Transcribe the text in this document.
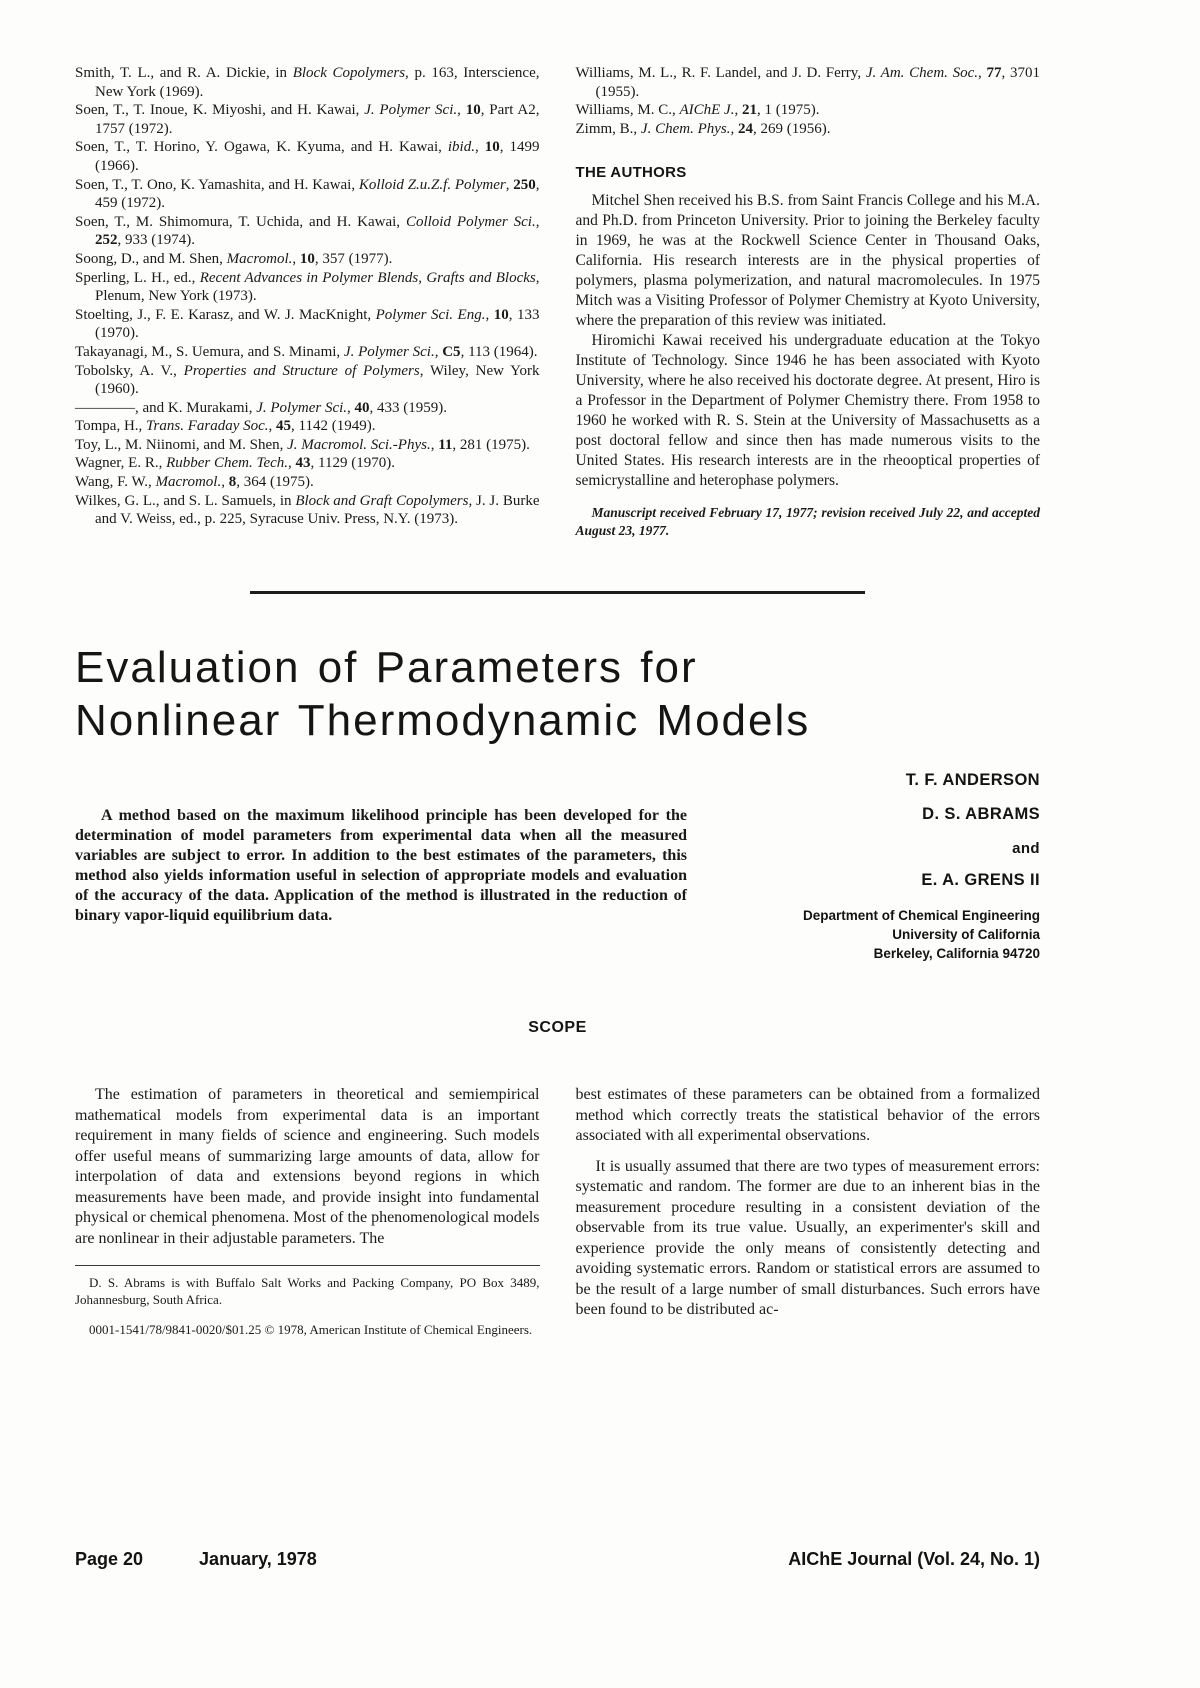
Smith, T. L., and R. A. Dickie, in Block Copolymers, p. 163, Interscience, New York (1969).

Soen, T., T. Inoue, K. Miyoshi, and H. Kawai, J. Polymer Sci., 10, Part A2, 1757 (1972).

Soen, T., T. Horino, Y. Ogawa, K. Kyuma, and H. Kawai, ibid., 10, 1499 (1966).

Soen, T., T. Ono, K. Yamashita, and H. Kawai, Kolloid Z.u.Z.f. Polymer, 250, 459 (1972).

Soen, T., M. Shimomura, T. Uchida, and H. Kawai, Colloid Polymer Sci., 252, 933 (1974).

Soong, D., and M. Shen, Macromol., 10, 357 (1977).

Sperling, L. H., ed., Recent Advances in Polymer Blends, Grafts and Blocks, Plenum, New York (1973).

Stoelting, J., F. E. Karasz, and W. J. MacKnight, Polymer Sci. Eng., 10, 133 (1970).

Takayanagi, M., S. Uemura, and S. Minami, J. Polymer Sci., C5, 113 (1964).

Tobolsky, A. V., Properties and Structure of Polymers, Wiley, New York (1960).

————, and K. Murakami, J. Polymer Sci., 40, 433 (1959).

Tompa, H., Trans. Faraday Soc., 45, 1142 (1949).

Toy, L., M. Niinomi, and M. Shen, J. Macromol. Sci.-Phys., 11, 281 (1975).

Wagner, E. R., Rubber Chem. Tech., 43, 1129 (1970).

Wang, F. W., Macromol., 8, 364 (1975).

Wilkes, G. L., and S. L. Samuels, in Block and Graft Copolymers, J. J. Burke and V. Weiss, ed., p. 225, Syracuse Univ. Press, N.Y. (1973).

Williams, M. L., R. F. Landel, and J. D. Ferry, J. Am. Chem. Soc., 77, 3701 (1955).

Williams, M. C., AIChE J., 21, 1 (1975).

Zimm, B., J. Chem. Phys., 24, 269 (1956).

THE AUTHORS

Mitchel Shen received his B.S. from Saint Francis College and his M.A. and Ph.D. from Princeton University. Prior to joining the Berkeley faculty in 1969, he was at the Rockwell Science Center in Thousand Oaks, California. His research interests are in the physical properties of polymers, plasma polymerization, and natural macromolecules. In 1975 Mitch was a Visiting Professor of Polymer Chemistry at Kyoto University, where the preparation of this review was initiated.

Hiromichi Kawai received his undergraduate education at the Tokyo Institute of Technology. Since 1946 he has been associated with Kyoto University, where he also received his doctorate degree. At present, Hiro is a Professor in the Department of Polymer Chemistry there. From 1958 to 1960 he worked with R. S. Stein at the University of Massachusetts as a post doctoral fellow and since then has made numerous visits to the United States. His research interests are in the rheooptical properties of semicrystalline and heterophase polymers.

Manuscript received February 17, 1977; revision received July 22, and accepted August 23, 1977.

Evaluation of Parameters for Nonlinear Thermodynamic Models

A method based on the maximum likelihood principle has been developed for the determination of model parameters from experimental data when all the measured variables are subject to error. In addition to the best estimates of the parameters, this method also yields information useful in selection of appropriate models and evaluation of the accuracy of the data. Application of the method is illustrated in the reduction of binary vapor-liquid equilibrium data.

T. F. ANDERSON

D. S. ABRAMS

and

E. A. GRENS II

Department of Chemical Engineering

University of California

Berkeley, California 94720

SCOPE

The estimation of parameters in theoretical and semiempirical mathematical models from experimental data is an important requirement in many fields of science and engineering. Such models offer useful means of summarizing large amounts of data, allow for interpolation of data and extensions beyond regions in which measurements have been made, and provide insight into fundamental physical or chemical phenomena. Most of the phenomenological models are nonlinear in their adjustable parameters. The

D. S. Abrams is with Buffalo Salt Works and Packing Company, PO Box 3489, Johannesburg, South Africa.

0001-1541/78/9841-0020/$01.25 © 1978, American Institute of Chemical Engineers.

best estimates of these parameters can be obtained from a formalized method which correctly treats the statistical behavior of the errors associated with all experimental observations.

It is usually assumed that there are two types of measurement errors: systematic and random. The former are due to an inherent bias in the measurement procedure resulting in a consistent deviation of the observable from its true value. Usually, an experimenter's skill and experience provide the only means of consistently detecting and avoiding systematic errors. Random or statistical errors are assumed to be the result of a large number of small disturbances. Such errors have been found to be distributed ac-

Page 20	January, 1978	AIChE Journal (Vol. 24, No. 1)
